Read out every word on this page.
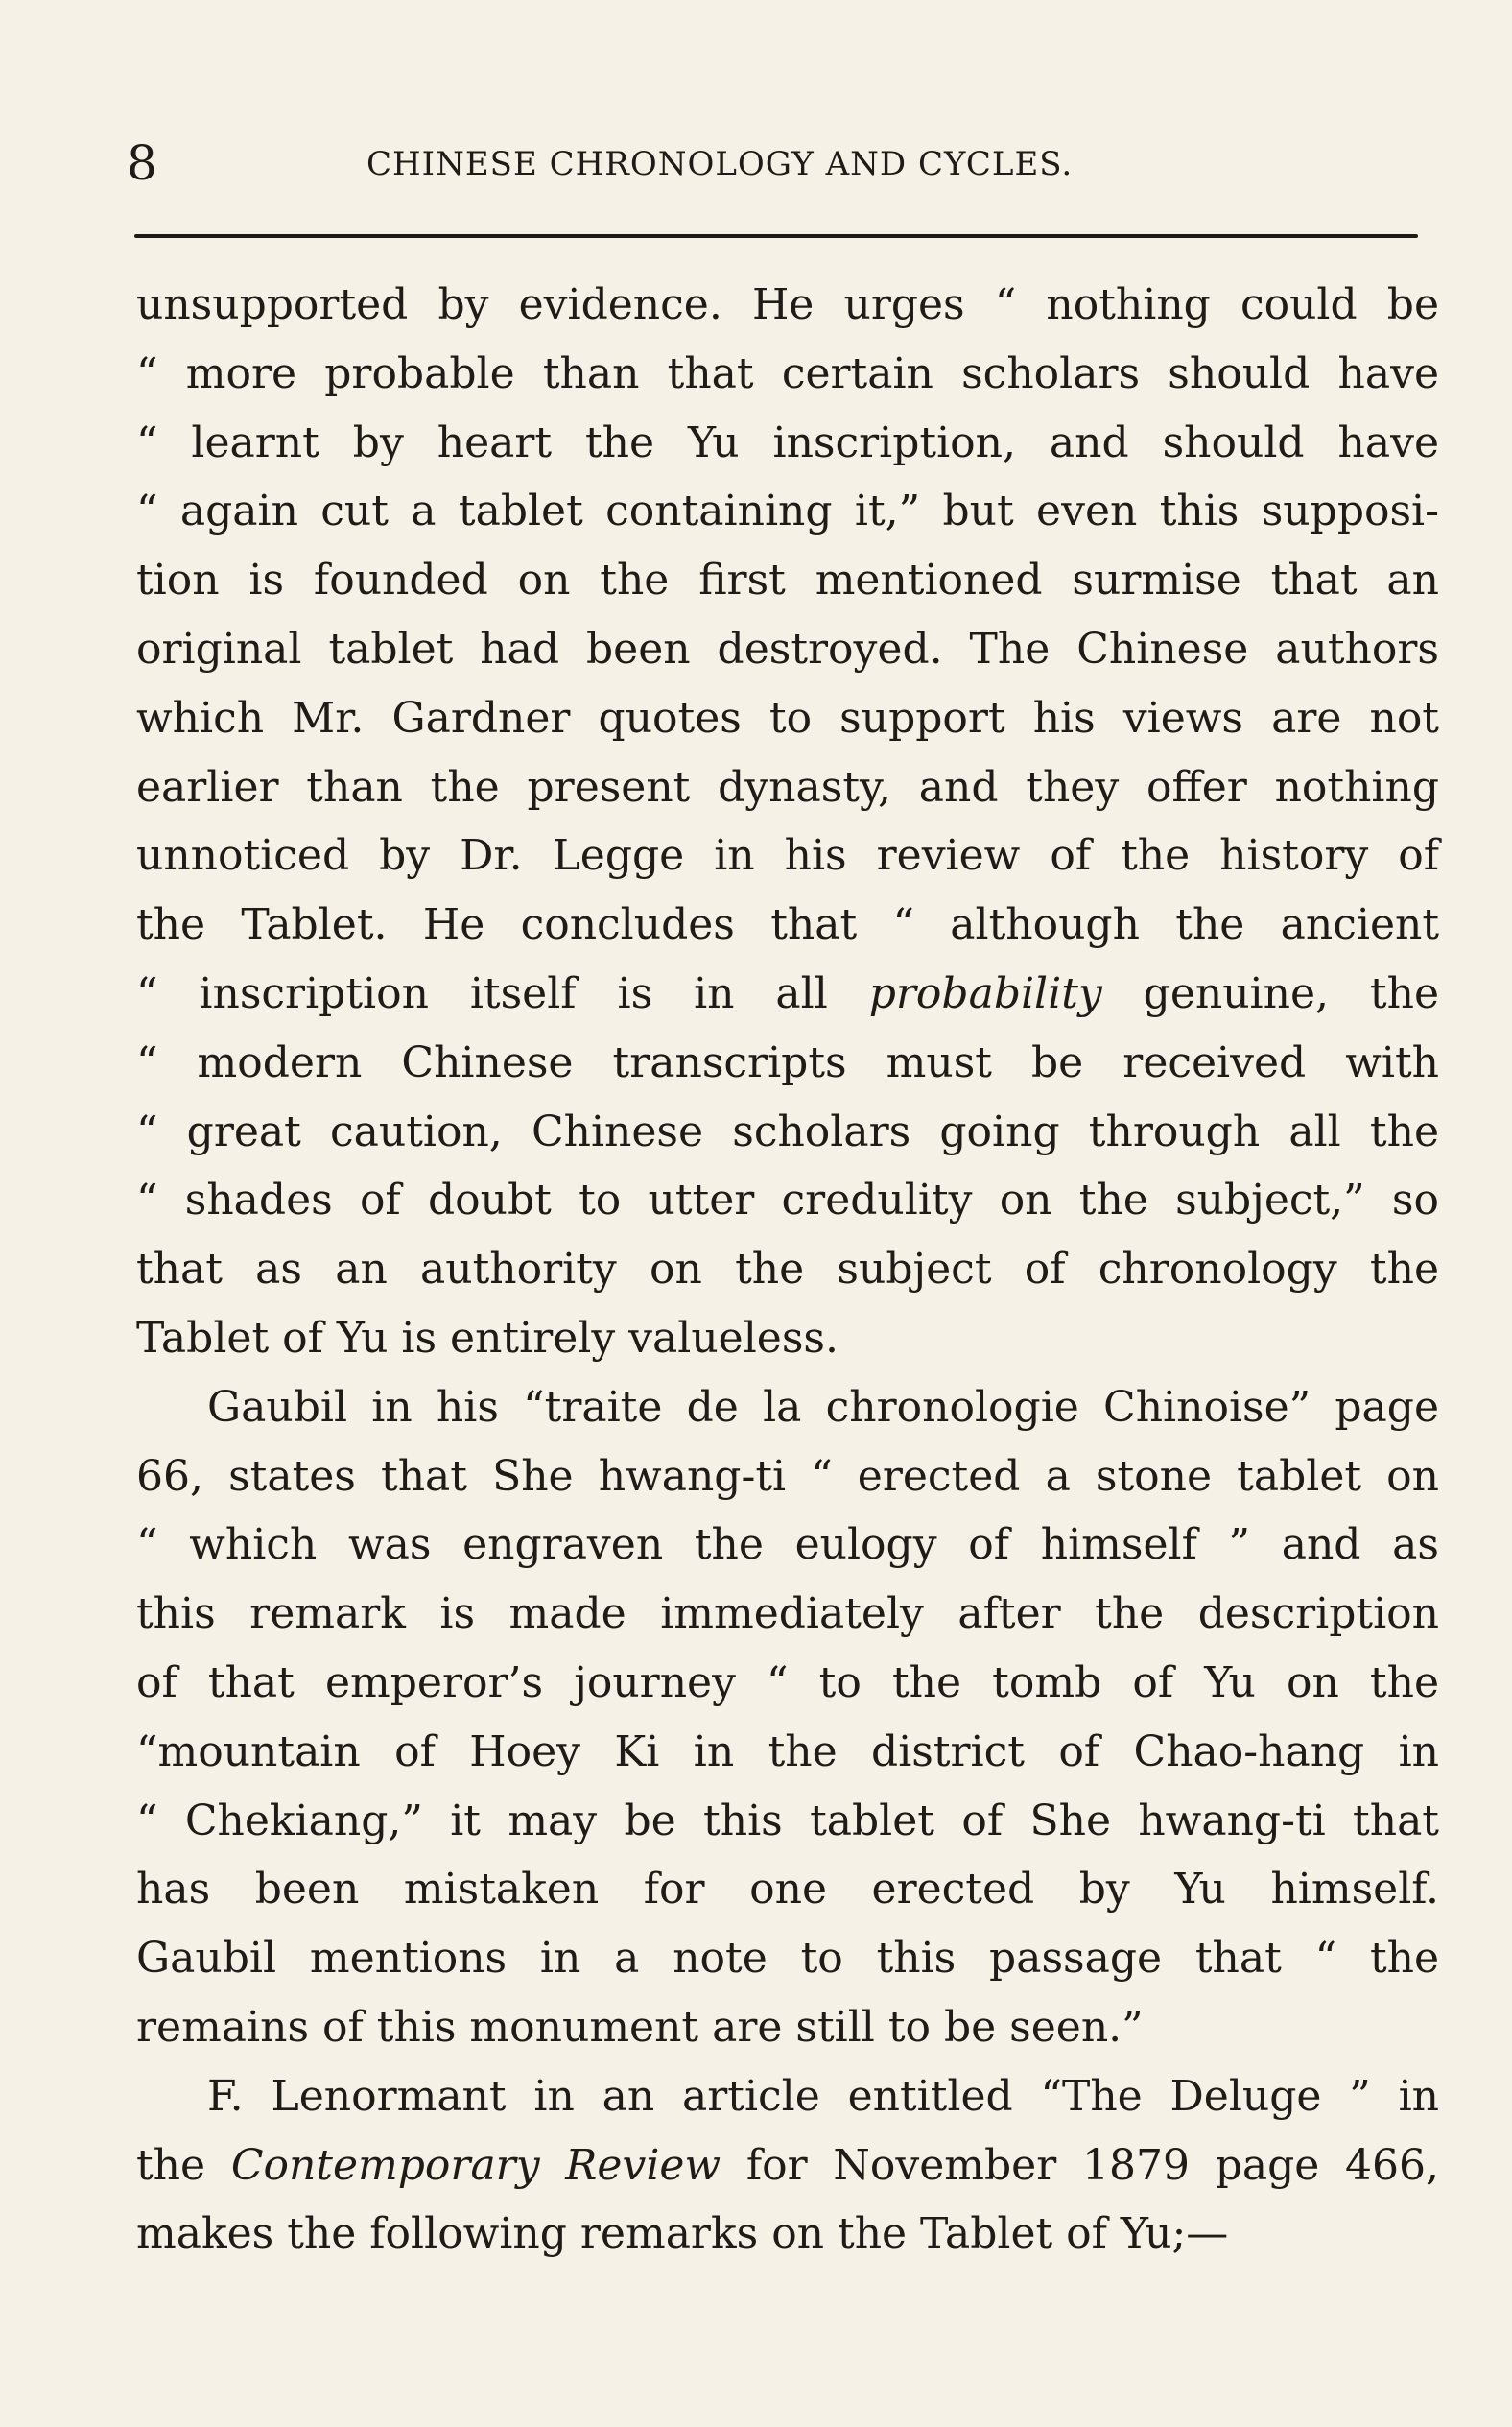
8	CHINESE CHRONOLOGY AND CYCLES.
unsupported by evidence. He urges “ nothing could be
“ more probable than that certain scholars should have
“ learnt by heart the Yu inscription, and should have
“ again cut a tablet containing it,” but even this supposi-
tion is founded on the first mentioned surmise that an
original tablet had been destroyed. The Chinese authors
which Mr. Gardner quotes to support his views are not
earlier than the present dynasty, and they offer nothing
unnoticed by Dr. Legge in his review of the history of
the Tablet. He concludes that “ although the ancient
“ inscription itself is in all probability genuine, the
“ modern Chinese transcripts must be received with
“ great caution, Chinese scholars going through all the
“ shades of doubt to utter credulity on the subject,” so
that as an authority on the subject of chronology the
Tablet of Yu is entirely valueless.
Gaubil in his “traite de la chronologie Chinoise” page
66, states that She hwang-ti “ erected a stone tablet on
“ which was engraven the eulogy of himself ” and as
this remark is made immediately after the description
of that emperor’s journey “ to the tomb of Yu on the
“mountain of Hoey Ki in the district of Chao-hang in
“ Chekiang,” it may be this tablet of She hwang-ti that
has been mistaken for one erected by Yu himself.
Gaubil mentions in a note to this passage that “ the
remains of this monument are still to be seen.”
F. Lenormant in an article entitled “The Deluge ” in
the Contemporary Review for November 1879 page 466,
makes the following remarks on the Tablet of Yu;—
